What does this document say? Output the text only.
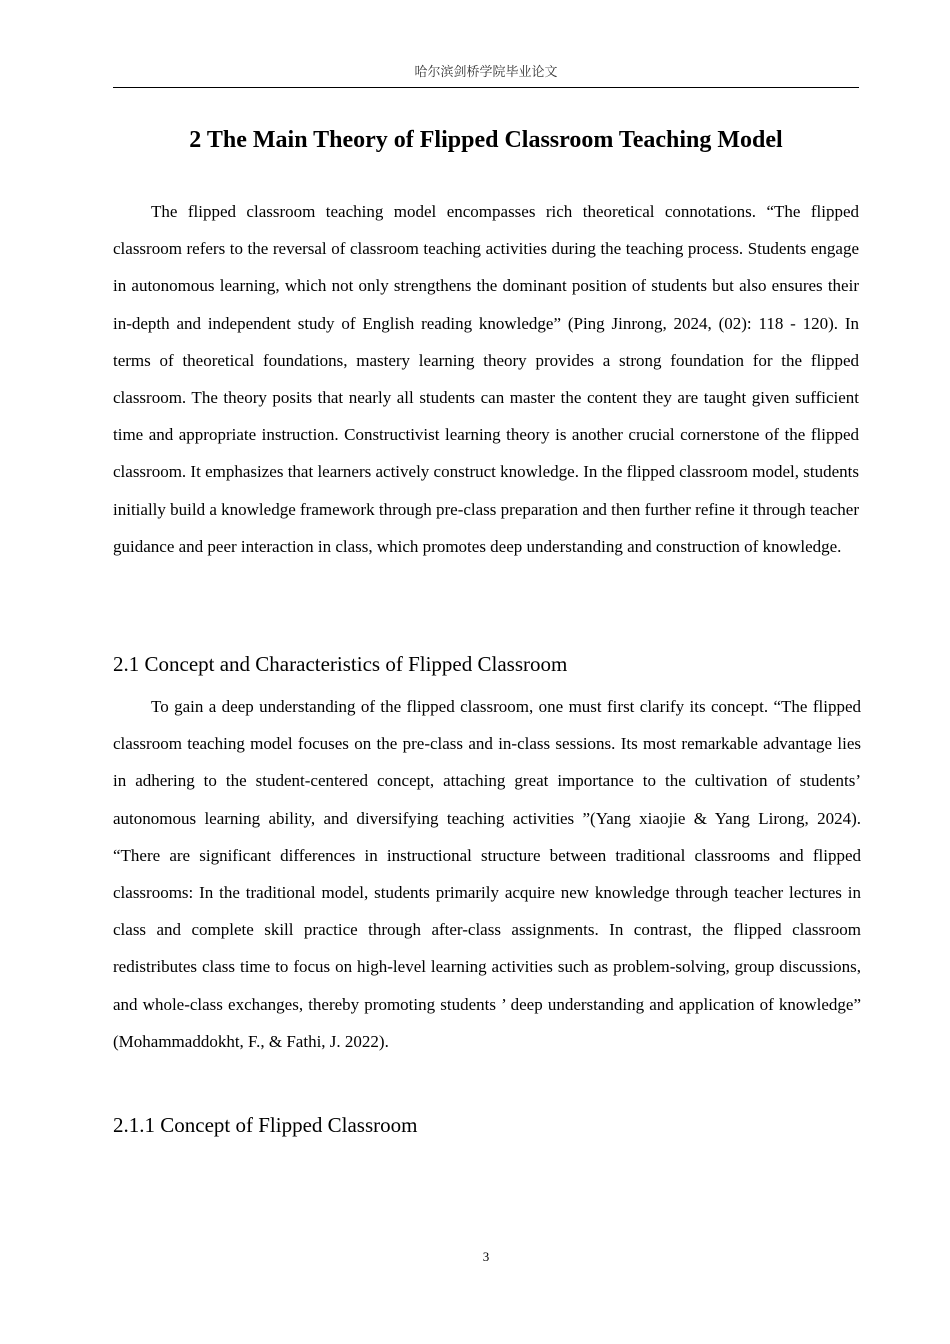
哈尔滨剑桥学院毕业论文
2 The Main Theory of Flipped Classroom Teaching Model

The flipped classroom teaching model encompasses rich theoretical connotations. “The flipped classroom refers to the reversal of classroom teaching activities during the teaching process. Students engage in autonomous learning, which not only strengthens the dominant position of students but also ensures their in-depth and independent study of English reading knowledge” (Ping Jinrong, 2024, (02): 118 - 120). In terms of theoretical foundations, mastery learning theory provides a strong foundation for the flipped classroom. The theory posits that nearly all students can master the content they are taught given sufficient time and appropriate instruction. Constructivist learning theory is another crucial cornerstone of the flipped classroom. It emphasizes that learners actively construct knowledge. In the flipped classroom model, students initially build a knowledge framework through pre-class preparation and then further refine it through teacher guidance and peer interaction in class, which promotes deep understanding and construction of knowledge.

2.1 Concept and Characteristics of Flipped Classroom

To gain a deep understanding of the flipped classroom, one must first clarify its concept. “The flipped classroom teaching model focuses on the pre-class and in-class sessions. Its most remarkable advantage lies in adhering to the student-centered concept, attaching great importance to the cultivation of students’ autonomous learning ability, and diversifying teaching activities ”(Yang xiaojie & Yang Lirong, 2024). “There are significant differences in instructional structure between traditional classrooms and flipped classrooms: In the traditional model, students primarily acquire new knowledge through teacher lectures in class and complete skill practice through after-class assignments. In contrast, the flipped classroom redistributes class time to focus on high-level learning activities such as problem-solving, group discussions, and whole-class exchanges, thereby promoting students ’ deep understanding and application of knowledge” (Mohammaddokht, F., & Fathi, J. 2022).

2.1.1 Concept of Flipped Classroom
3
